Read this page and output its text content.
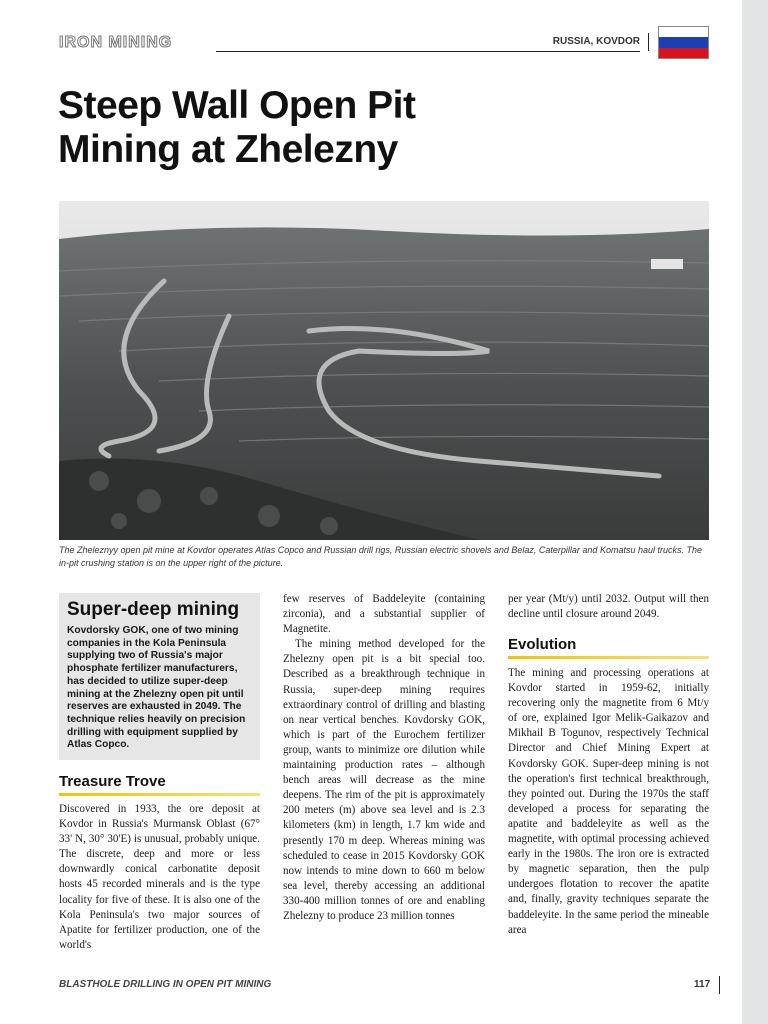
IRON MINING	RUSSIA, KOVDOR
Steep Wall Open Pit
Mining at Zhelezny
The Zheleznyy open pit mine at Kovdor operates Atlas Copco and Russian drill rigs, Russian electric shovels and Belaz, Caterpillar and Komatsu haul trucks. The in-pit crushing station is on the upper right of the picture.
Super-deep mining

Kovdorsky GOK, one of two mining companies in the Kola Peninsula supplying two of Russia's major phosphate fertilizer manufacturers, has decided to utilize super-deep mining at the Zhelezny open pit until reserves are exhausted in 2049. The technique relies heavily on precision drilling with equipment supplied by Atlas Copco.

Treasure Trove

Discovered in 1933, the ore deposit at Kovdor in Russia's Murmansk Oblast (67° 33' N, 30° 30'E) is unusual, probably unique. The discrete, deep and more or less downwardly conical carbonatite deposit hosts 45 recorded minerals and is the type locality for five of these. It is also one of the Kola Peninsula's two major sources of Apatite for fertilizer production, one of the world's

few reserves of Baddeleyite (containing zirconia), and a substantial supplier of Magnetite.

The mining method developed for the Zhelezny open pit is a bit special too. Described as a breakthrough technique in Russia, super-deep mining requires extraordinary control of drilling and blasting on near vertical benches. Kovdorsky GOK, which is part of the Eurochem fertilizer group, wants to minimize ore dilution while maintaining production rates – although bench areas will decrease as the mine deepens. The rim of the pit is approximately 200 meters (m) above sea level and is 2.3 kilometers (km) in length, 1.7 km wide and presently 170 m deep. Whereas mining was scheduled to cease in 2015 Kovdorsky GOK now intends to mine down to 660 m below sea level, thereby accessing an additional 330-400 million tonnes of ore and enabling Zhelezny to produce 23 million tonnes

per year (Mt/y) until 2032. Output will then decline until closure around 2049.

Evolution

The mining and processing operations at Kovdor started in 1959-62, initially recovering only the magnetite from 6 Mt/y of ore, explained Igor Melik-Gaikazov and Mikhail B Togunov, respectively Technical Director and Chief Mining Expert at Kovdorsky GOK. Super-deep mining is not the operation's first technical breakthrough, they pointed out. During the 1970s the staff developed a process for separating the apatite and baddeleyite as well as the magnetite, with optimal processing achieved early in the 1980s. The iron ore is extracted by magnetic separation, then the pulp undergoes flotation to recover the apatite and, finally, gravity techniques separate the baddeleyite. In the same period the mineable area

BLASTHOLE DRILLING IN OPEN PIT MINING	117
